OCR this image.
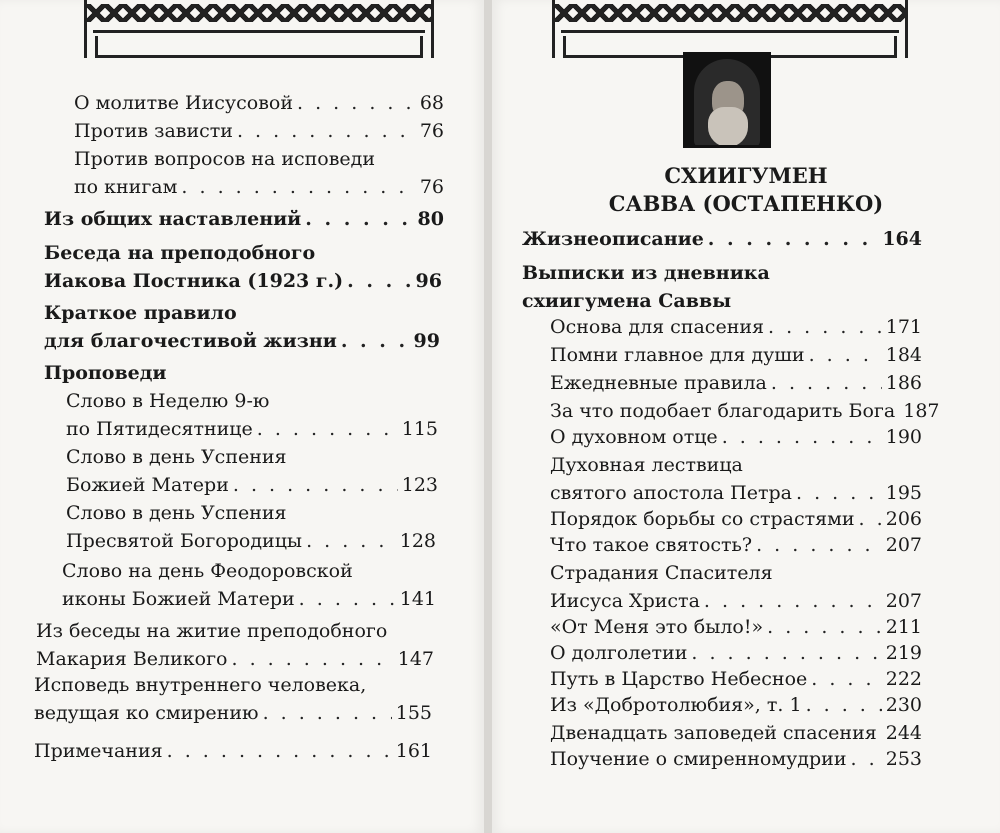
О молитве Иисусовой . . .	68
Против зависти . . .	76
Против вопросов на исповеди
по книгам . . .	76
Из общих наставлений . . .	80
Беседа на преподобного
Иакова Постника (1923 г.) . . .	96
Краткое правило
для благочестивой жизни . . .	99
Проповеди
Слово в Неделю 9-ю
по Пятидесятнице . . .	115
Слово в день Успения
Божией Матери . . .	123
Слово в день Успения
Пресвятой Богородицы . . .	128
Слово на день Феодоровской
иконы Божией Матери . . .	141
Из беседы на житие преподобного
Макария Великого . . .	147
Исповедь внутреннего человека,
ведущая ко смирению . . .	155
Примечания . . .	161
СХИИГУМЕН
САВВА (ОСТАПЕНКО)
Жизнеописание . . .	164
Выписки из дневника
схиигумена Саввы
Основа для спасения . . .	171
Помни главное для души . . .	184
Ежедневные правила . . .	186
За что подобает благодарить Бога 187
О духовном отце . . .	190
Духовная лествица
святого апостола Петра . . .	195
Порядок борьбы со страстями . . . 206
Что такое святость? . . .	207
Страдания Спасителя
Иисуса Христа . . .	207
«От Меня это было!» . . .	211
О долголетии . . .	219
Путь в Царство Небесное . . .	222
Из «Добротолюбия», т. 1 . . .	230
Двенадцать заповедей спасения . . . 244
Поучение о смиренномудрии . . . 253
